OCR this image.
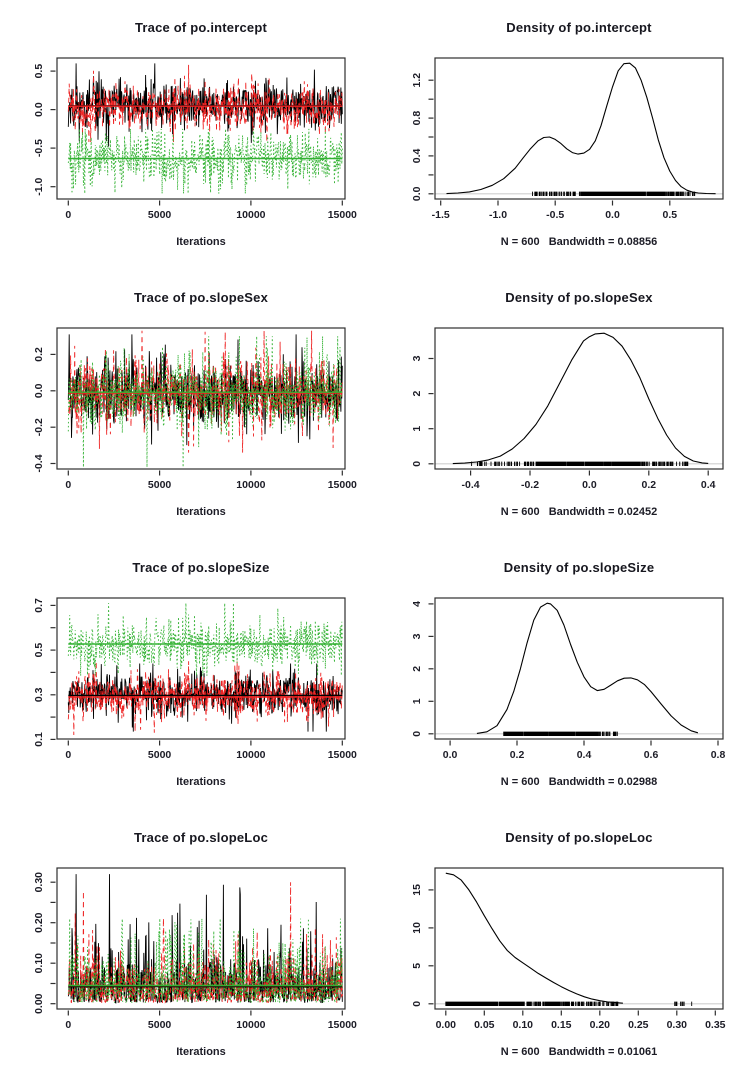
Trace of po.intercept
0	5000	10000	15000
-1.0
-0.5
0.0
0.5
Iterations
Density of po.intercept
-1.5	-1.0	-0.5	0.0	0.5
0.0
0.4
0.8
1.2
N = 600   Bandwidth = 0.08856
Trace of po.slopeSex
0	5000	10000	15000
-0.4
-0.2
0.0
0.2
Iterations
Density of po.slopeSex
-0.4	-0.2	0.0	0.2	0.4
0
1
2
3
N = 600   Bandwidth = 0.02452
Trace of po.slopeSize
0	5000	10000	15000
0.1
0.3
0.5
0.7
Iterations
Density of po.slopeSize
0.0	0.2	0.4	0.6	0.8
0
1
2
3
4
N = 600   Bandwidth = 0.02988
Trace of po.slopeLoc
0	5000	10000	15000
0.00
0.10
0.20
0.30
Iterations
Density of po.slopeLoc
0.00 0.05 0.10 0.15 0.20 0.25 0.30 0.35
0
5
10
15
N = 600   Bandwidth = 0.01061
